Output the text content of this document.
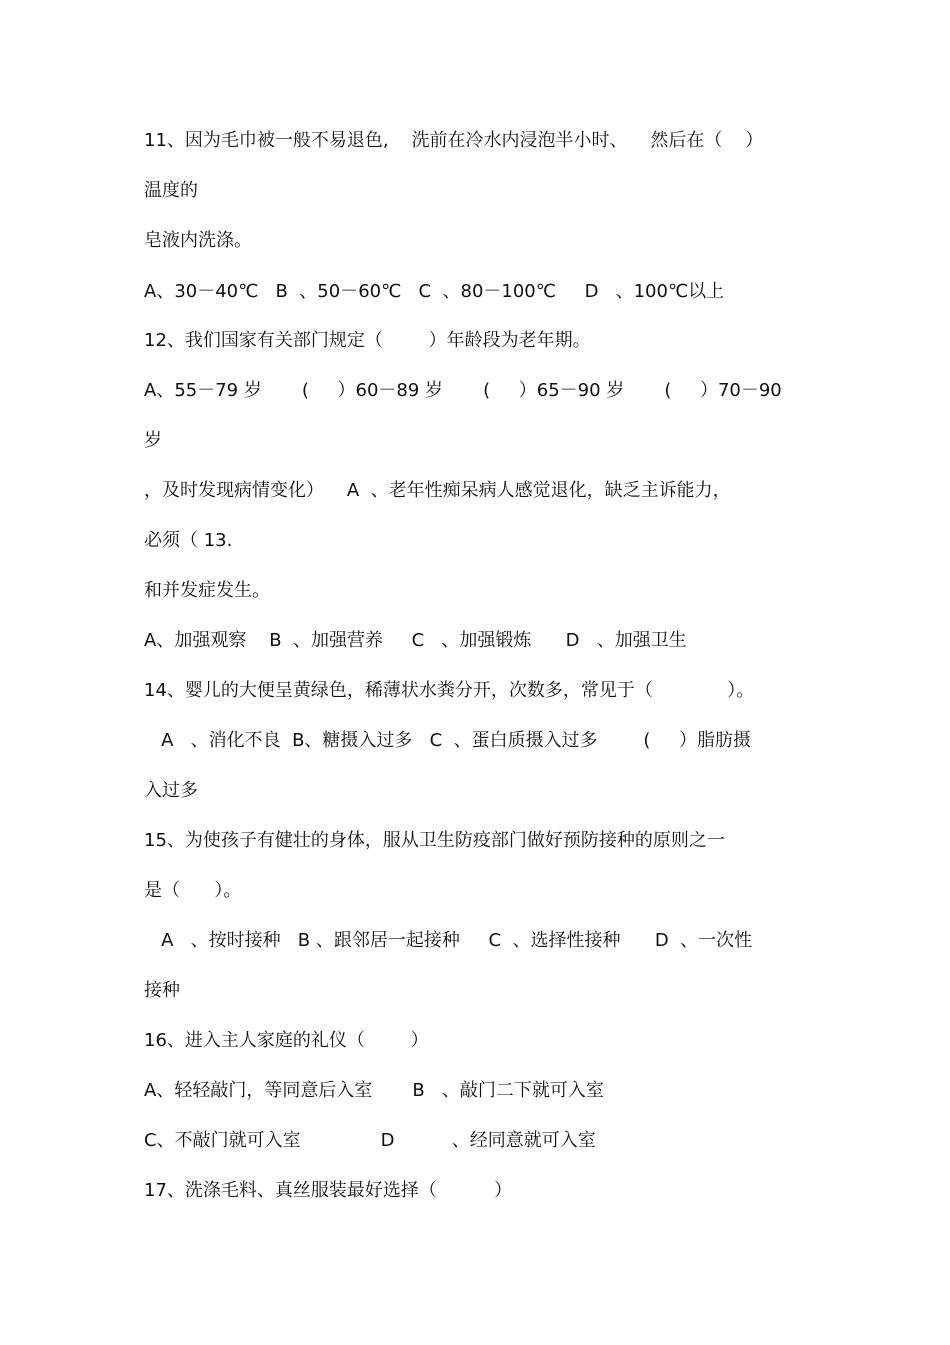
11、因为毛巾被一般不易退色,    洗前在冷水内浸泡半小时、    然后在（    ）
温度的
皂液内洗涤。
A、30－40℃   B  、50－60℃   C  、80－100℃     D   、100℃以上
12、我们国家有关部门规定（        ）年龄段为老年期。
A、55－79 岁       (     ）60－89 岁       (     ）65－90 岁       (     ）70－90
岁
，及时发现病情变化）    A  、老年性痴呆病人感觉退化，缺乏主诉能力，
必须（ 13.
和并发症发生。
A、加强观察    B  、加强营养     C   、加强锻炼      D   、加强卫生
14、婴儿的大便呈黄绿色，稀薄状水粪分开，次数多，常见于（             ）。
A   、消化不良  B、糖摄入过多   C  、蛋白质摄入过多        (     ）脂肪摄
入过多
15、为使孩子有健壮的身体，服从卫生防疫部门做好预防接种的原则之一
是（      ）。
A   、按时接种   B 、跟邻居一起接种     C  、选择性接种      D  、一次性
接种
16、进入主人家庭的礼仪（        ）
A、轻轻敲门，等同意后入室       B   、敲门二下就可入室
C、不敲门就可入室              D          、经同意就可入室
17、洗涤毛料、真丝服装最好选择（          ）
